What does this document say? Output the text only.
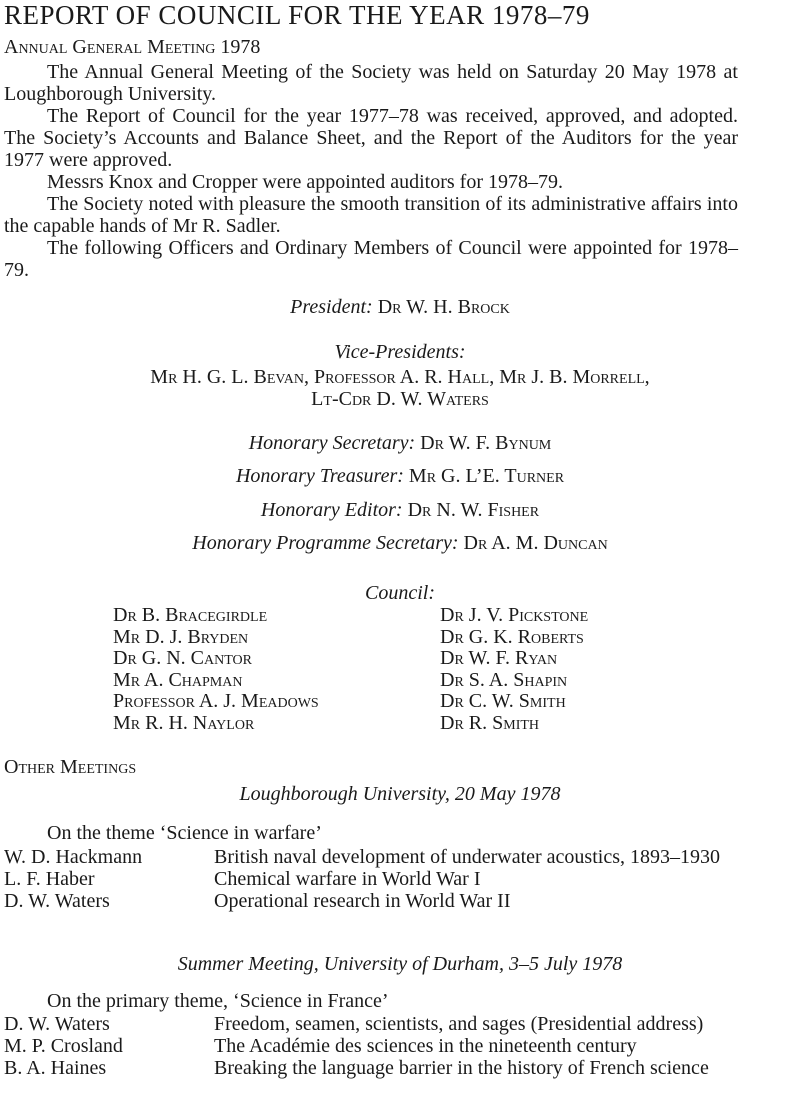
REPORT OF COUNCIL FOR THE YEAR 1978–79
Annual General Meeting 1978
The Annual General Meeting of the Society was held on Saturday 20 May 1978 at Loughborough University.
The Report of Council for the year 1977–78 was received, approved, and adopted. The Society’s Accounts and Balance Sheet, and the Report of the Auditors for the year 1977 were approved.
Messrs Knox and Cropper were appointed auditors for 1978–79.
The Society noted with pleasure the smooth transition of its administrative affairs into the capable hands of Mr R. Sadler.
The following Officers and Ordinary Members of Council were appointed for 1978–79.
President: Dr W. H. Brock
Vice-Presidents:
Mr H. G. L. Bevan, Professor A. R. Hall, Mr J. B. Morrell,
Lt-Cdr D. W. Waters
Honorary Secretary: Dr W. F. Bynum
Honorary Treasurer: Mr G. L’E. Turner
Honorary Editor: Dr N. W. Fisher
Honorary Programme Secretary: Dr A. M. Duncan
Council:
Dr B. Bracegirdle
Mr D. J. Bryden
Dr G. N. Cantor
Mr A. Chapman
Professor A. J. Meadows
Mr R. H. Naylor
Dr J. V. Pickstone
Dr G. K. Roberts
Dr W. F. Ryan
Dr S. A. Shapin
Dr C. W. Smith
Dr R. Smith
Other Meetings
Loughborough University, 20 May 1978
On the theme ‘Science in warfare’
W. D. Hackmann	British naval development of underwater acoustics, 1893–1930
L. F. Haber	Chemical warfare in World War I
D. W. Waters	Operational research in World War II
Summer Meeting, University of Durham, 3–5 July 1978
On the primary theme, ‘Science in France’
D. W. Waters	Freedom, seamen, scientists, and sages (Presidential address)
M. P. Crosland	The Académie des sciences in the nineteenth century
B. A. Haines	Breaking the language barrier in the history of French science
